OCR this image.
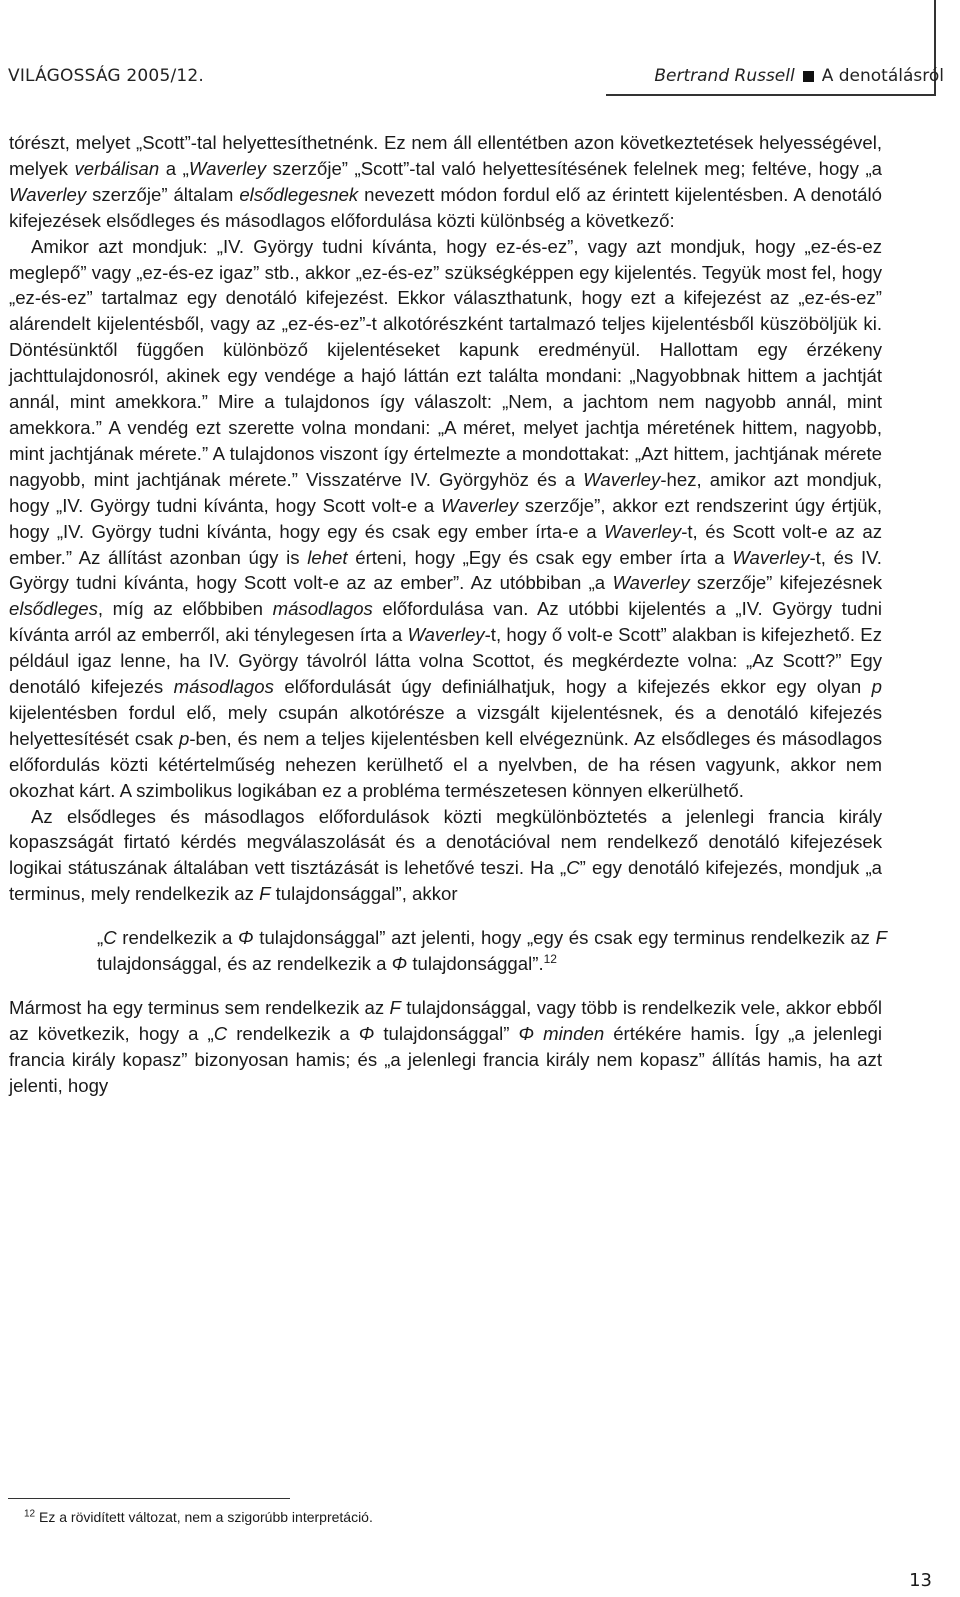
VILÁGOSSÁG 2005/12.	Bertrand Russell A denotálásról

tórészt, melyet „Scott”-tal helyettesíthetnénk. Ez nem áll ellentétben azon következtetések helyességével, melyek verbálisan a „Waverley szerzője” „Scott”-tal való helyettesítésének felelnek meg; feltéve, hogy „a Waverley szerzője” általam elsődlegesnek nevezett módon fordul elő az érintett kijelentésben. A denotáló kifejezések elsődleges és másodlagos előfordulása közti különbség a következő:

Amikor azt mondjuk: „IV. György tudni kívánta, hogy ez-és-ez”, vagy azt mondjuk, hogy „ez-és-ez meglepő” vagy „ez-és-ez igaz” stb., akkor „ez-és-ez” szükségképpen egy kijelentés. Tegyük most fel, hogy „ez-és-ez” tartalmaz egy denotáló kifejezést. Ekkor választhatunk, hogy ezt a kifejezést az „ez-és-ez” alárendelt kijelentésből, vagy az „ez-és-ez”-t alkotórészként tartalmazó teljes kijelentésből küszöböljük ki. Döntésünktől függően különböző kijelentéseket kapunk eredményül. Hallottam egy érzékeny jachttulajdonosról, akinek egy vendége a hajó láttán ezt találta mondani: „Nagyobbnak hittem a jachtját annál, mint amekkora.” Mire a tulajdonos így válaszolt: „Nem, a jachtom nem nagyobb annál, mint amekkora.” A vendég ezt szerette volna mondani: „A méret, melyet jachtja méretének hittem, nagyobb, mint jachtjának mérete.” A tulajdonos viszont így értelmezte a mondottakat: „Azt hittem, jachtjának mérete nagyobb, mint jachtjának mérete.” Visszatérve IV. Györgyhöz és a Waverley-hez, amikor azt mondjuk, hogy „IV. György tudni kívánta, hogy Scott volt-e a Waverley szerzője”, akkor ezt rendszerint úgy értjük, hogy „IV. György tudni kívánta, hogy egy és csak egy ember írta-e a Waverley-t, és Scott volt-e az az ember.” Az állítást azonban úgy is lehet érteni, hogy „Egy és csak egy ember írta a Waverley-t, és IV. György tudni kívánta, hogy Scott volt-e az az ember”. Az utóbbiban „a Waverley szerzője” kifejezésnek elsődleges, míg az előbbiben másodlagos előfordulása van. Az utóbbi kijelentés a „IV. György tudni kívánta arról az emberről, aki ténylegesen írta a Waverley-t, hogy ő volt-e Scott” alakban is kifejezhető. Ez például igaz lenne, ha IV. György távolról látta volna Scottot, és megkérdezte volna: „Az Scott?” Egy denotáló kifejezés másodlagos előfordulását úgy definiálhatjuk, hogy a kifejezés ekkor egy olyan p kijelentésben fordul elő, mely csupán alkotórésze a vizsgált kijelentésnek, és a denotáló kifejezés helyettesítését csak p-ben, és nem a teljes kijelentésben kell elvégeznünk. Az elsődleges és másodlagos előfordulás közti kétértelműség nehezen kerülhető el a nyelvben, de ha résen vagyunk, akkor nem okozhat kárt. A szimbolikus logikában ez a probléma természetesen könnyen elkerülhető.

Az elsődleges és másodlagos előfordulások közti megkülönböztetés a jelenlegi francia király kopaszságát firtató kérdés megválaszolását és a denotációval nem rendelkező denotáló kifejezések logikai státuszának általában vett tisztázását is lehetővé teszi. Ha „C” egy denotáló kifejezés, mondjuk „a terminus, mely rendelkezik az F tulajdonsággal”, akkor

„C rendelkezik a Φ tulajdonsággal” azt jelenti, hogy „egy és csak egy terminus rendelkezik az F tulajdonsággal, és az rendelkezik a Φ tulajdonsággal”.$^{12}$

Mármost ha egy terminus sem rendelkezik az F tulajdonsággal, vagy több is rendelkezik vele, akkor ebből az következik, hogy a „C rendelkezik a Φ tulajdonsággal” Φ minden értékére hamis. Így „a jelenlegi francia király kopasz” bizonyosan hamis; és „a jelenlegi francia király nem kopasz” állítás hamis, ha azt jelenti, hogy

$^{12}$ Ez a rövidített változat, nem a szigorúbb interpretáció.
13
